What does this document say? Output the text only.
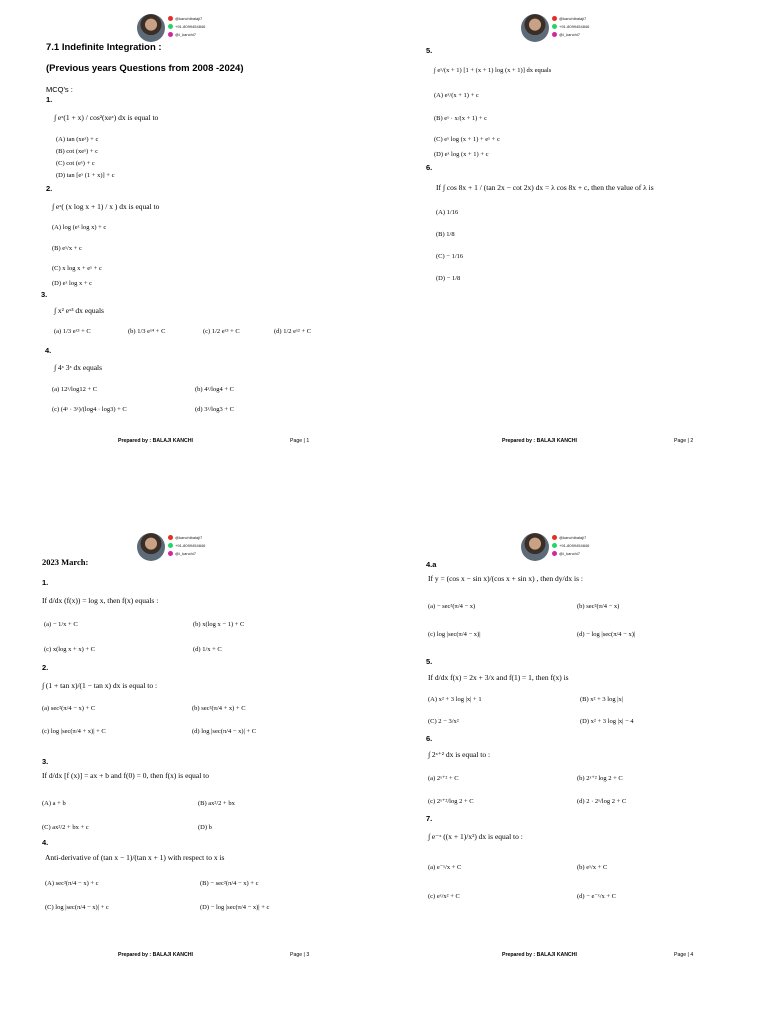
@kanchibalaji7
+91-8099454846
@i_kanchi7
7.1 Indefinite Integration :
(Previous years Questions from 2008 -2024)
MCQ's :
1.
∫ eˣ(1 + x) / cos²(xeˣ) dx is equal to
(A) tan (xeˣ) + c
(B) cot (xeˣ) + c
(C) cot (eˣ) + c
(D) tan [eˣ (1 + x)] + c
2.
∫ eˣ( (x log x + 1) / x ) dx is equal to
(A) log (eˣ log x) + c
(B) eˣ/x + c
(C) x log x + eˣ + c
(D) eˣ log x + c
3.
∫ x² eˣ³ dx equals
(a) 1/3 eˣ³ + C	(b) 1/3 eˣ⁴ + C	(c) 1/2 eˣ³ + C	(d) 1/2 eˣ² + C
4.
∫ 4ˣ 3ˣ dx equals
(a) 12ˣ/log12 + C	(b) 4ˣ/log4 + C
(c) (4ˣ · 3ˣ)/(log4 · log3) + C	(d) 3ˣ/log3 + C
Prepared by : BALAJI KANCHI	Page | 1
@kanchibalaji7
+91-8099454846
@i_kanchi7
5.
∫ eˣ/(x + 1) [1 + (x + 1) log (x + 1)] dx equals
(A) eˣ/(x + 1) + c
(B) eˣ · x/(x + 1) + c
(C) eˣ log (x + 1) + eˣ + c
(D) eˣ log (x + 1) + c
6.
If ∫ cos 8x + 1 / (tan 2x − cot 2x) dx = λ cos 8x + c, then the value of λ is
(A) 1/16
(B) 1/8
(C) − 1/16
(D) − 1/8
Prepared by : BALAJI KANCHI	Page | 2
@kanchibalaji7
+91-8099454846
@i_kanchi7
2023 March:
1.
If d/dx (f(x)) = log x, then f(x) equals :
(a) − 1/x + C	(b) x(log x − 1) + C
(c) x(log x + x) + C	(d) 1/x + C
2.
∫ (1 + tan x)/(1 − tan x) dx is equal to :
(a) sec²(π/4 − x) + C	(b) sec²(π/4 + x) + C
(c) log |sec(π/4 + x)| + C	(d) log |sec(π/4 − x)| + C
3.
If d/dx [f (x)] = ax + b and f(0) = 0, then f(x) is equal to
(A) a + b	(B) ax²/2 + bx
(C) ax²/2 + bx + c	(D) b
4.
Anti-derivative of (tan x − 1)/(tan x + 1) with respect to x is
(A) sec²(π/4 − x) + c	(B) − sec²(π/4 − x) + c
(C) log |sec(π/4 − x)| + c	(D) − log |sec(π/4 − x)| + c
Prepared by : BALAJI KANCHI	Page | 3
@kanchibalaji7
+91-8099454846
@i_kanchi7
4.a
If y = (cos x − sin x)/(cos x + sin x) , then dy/dx is :
(a) − sec²(π/4 − x)	(b) sec²(π/4 − x)
(c) log |sec(π/4 − x)|	(d) − log |sec(π/4 − x)|
5.
If d/dx f(x) = 2x + 3/x and f(1) = 1, then f(x) is
(A) x² + 3 log |x| + 1	(B) x² + 3 log |x|
(C) 2 − 3/x²	(D) x² + 3 log |x| − 4
6.
∫ 2ˣ⁺² dx is equal to :
(a) 2ˣ⁺² + C	(b) 2ˣ⁺² log 2 + C
(c) 2ˣ⁺²/log 2 + C	(d) 2 · 2ˣ/log 2 + C
7.
∫ e⁻ˣ ((x + 1)/x²) dx is equal to :
(a) e⁻ˣ/x + C	(b) eˣ/x + C
(c) eˣ/x² + C	(d) − e⁻ˣ/x + C
Prepared by : BALAJI KANCHI	Page | 4
